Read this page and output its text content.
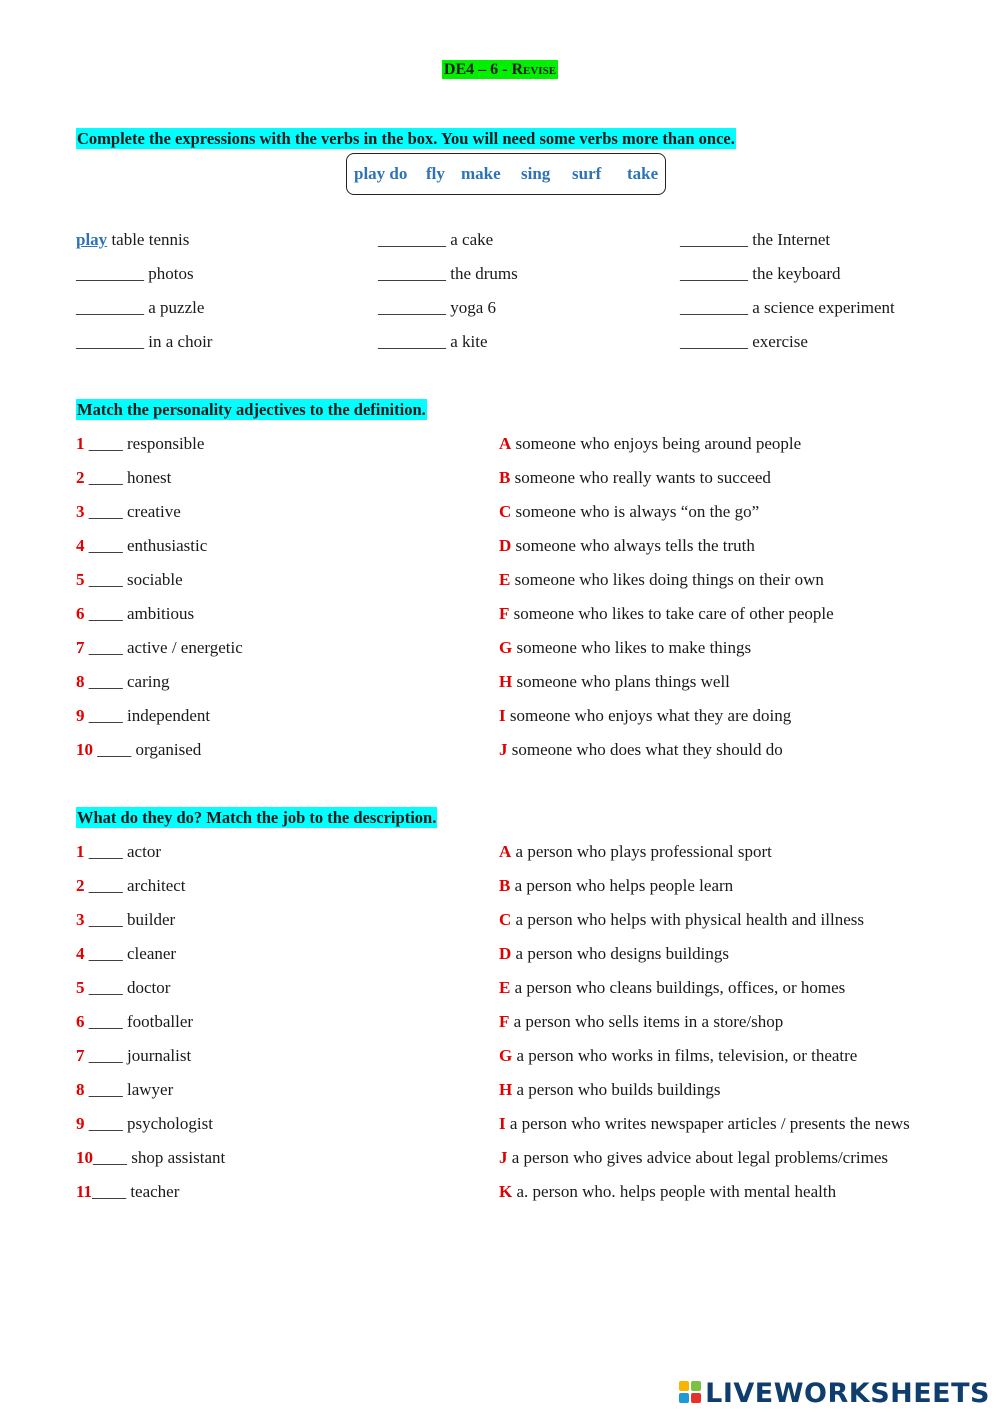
DE4 – 6 - Revise
Complete the expressions with the verbs in the box. You will need some verbs more than once.
play do fly make sing surf take
play table tennis
________ photos
________ a puzzle
________ in a choir
________ a cake
________ the drums
________ yoga 6
________ a kite
________ the Internet
________ the keyboard
________ a science experiment
________ exercise
Match the personality adjectives to the definition.
1 ____ responsible
2 ____ honest
3 ____ creative
4 ____ enthusiastic
5 ____ sociable
6 ____ ambitious
7 ____ active / energetic
8 ____ caring
9 ____ independent
10 ____ organised
A someone who enjoys being around people
B someone who really wants to succeed
C someone who is always “on the go”
D someone who always tells the truth
E someone who likes doing things on their own
F someone who likes to take care of other people
G someone who likes to make things
H someone who plans things well
I someone who enjoys what they are doing
J someone who does what they should do
What do they do? Match the job to the description.
1 ____ actor
2 ____ architect
3 ____ builder
4 ____ cleaner
5 ____ doctor
6 ____ footballer
7 ____ journalist
8 ____ lawyer
9 ____ psychologist
10____ shop assistant
11____ teacher
A a person who plays professional sport
B a person who helps people learn
C a person who helps with physical health and illness
D a person who designs buildings
E a person who cleans buildings, offices, or homes
F a person who sells items in a store/shop
G a person who works in films, television, or theatre
H a person who builds buildings
I a person who writes newspaper articles / presents the news
J a person who gives advice about legal problems/crimes
K a. person who. helps people with mental health
LIVEWORKSHEETS
